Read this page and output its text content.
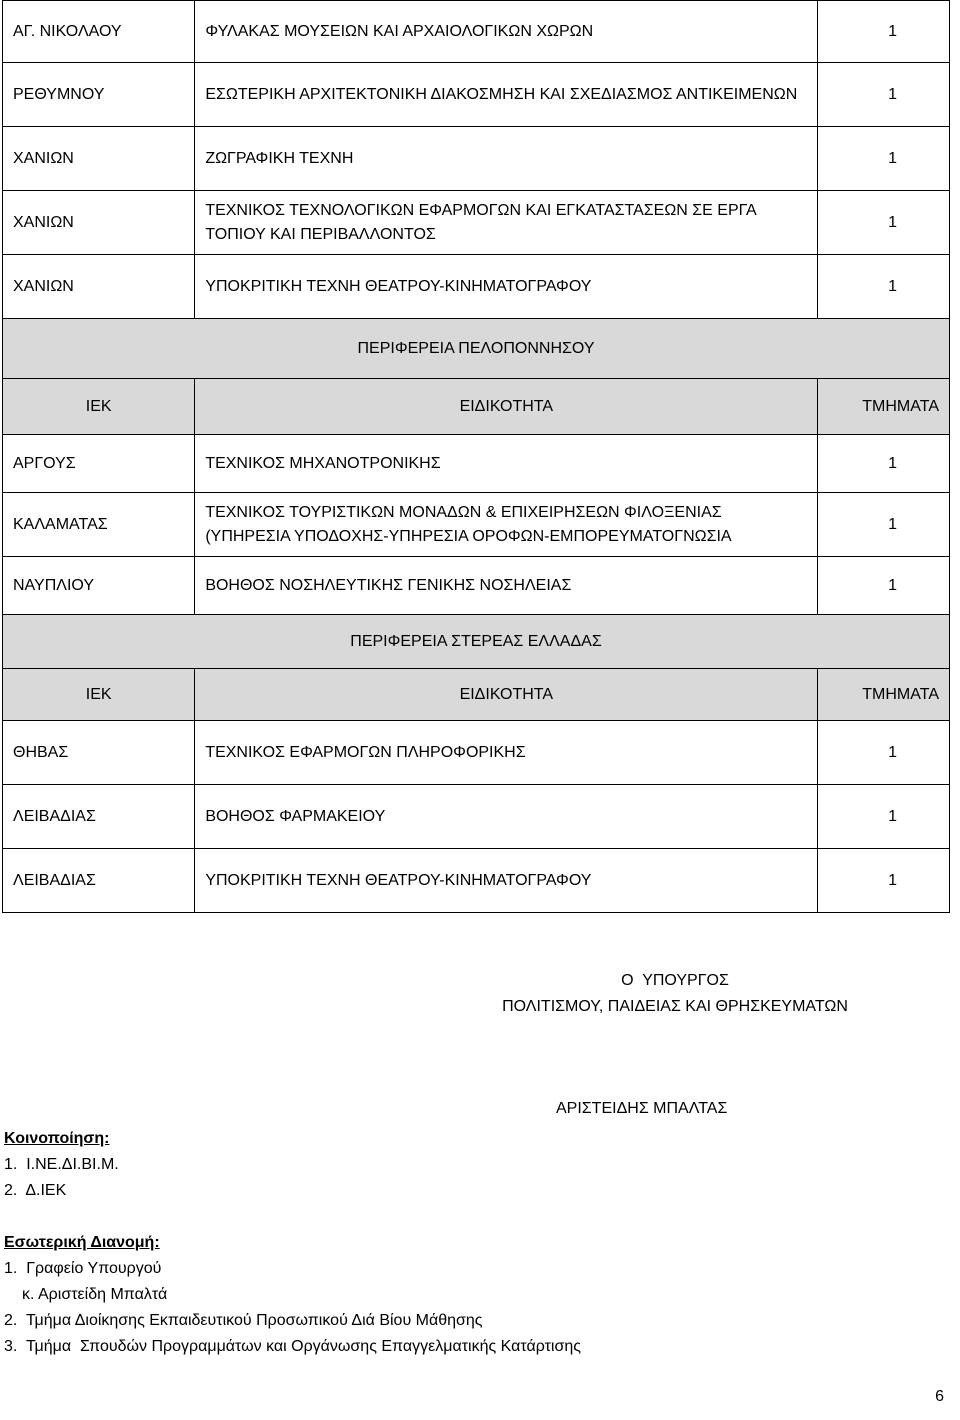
ΑΓ. ΝΙΚΟΛΑΟΥ	ΦΥΛΑΚΑΣ ΜΟΥΣΕΙΩΝ ΚΑΙ ΑΡΧΑΙΟΛΟΓΙΚΩΝ ΧΩΡΩΝ	1
ΡΕΘΥΜΝΟΥ	ΕΣΩΤΕΡΙΚΗ ΑΡΧΙΤΕΚΤΟΝΙΚΗ ΔΙΑΚΟΣΜΗΣΗ ΚΑΙ ΣΧΕΔΙΑΣΜΟΣ ΑΝΤΙΚΕΙΜΕΝΩΝ	1
ΧΑΝΙΩΝ	ΖΩΓΡΑΦΙΚΗ ΤΕΧΝΗ	1
ΧΑΝΙΩΝ	ΤΕΧΝΙΚΟΣ ΤΕΧΝΟΛΟΓΙΚΩΝ ΕΦΑΡΜΟΓΩΝ ΚΑΙ ΕΓΚΑΤΑΣΤΑΣΕΩΝ ΣΕ ΕΡΓΑ ΤΟΠΙΟΥ ΚΑΙ ΠΕΡΙΒΑΛΛΟΝΤΟΣ	1
ΧΑΝΙΩΝ	ΥΠΟΚΡΙΤΙΚΗ ΤΕΧΝΗ ΘΕΑΤΡΟΥ-ΚΙΝΗΜΑΤΟΓΡΑΦΟΥ	1
ΠΕΡΙΦΕΡΕΙΑ ΠΕΛΟΠΟΝΝΗΣΟΥ		
ΙΕΚ	ΕΙΔΙΚΟΤΗΤΑ	ΤΜΗΜΑΤΑ
ΑΡΓΟΥΣ	ΤΕΧΝΙΚΟΣ ΜΗΧΑΝΟΤΡΟΝΙΚΗΣ	1
ΚΑΛΑΜΑΤΑΣ	ΤΕΧΝΙΚΟΣ ΤΟΥΡΙΣΤΙΚΩΝ ΜΟΝΑΔΩΝ & ΕΠΙΧΕΙΡΗΣΕΩΝ ΦΙΛΟΞΕΝΙΑΣ (ΥΠΗΡΕΣΙΑ ΥΠΟΔΟΧΗΣ-ΥΠΗΡΕΣΙΑ ΟΡΟΦΩΝ-ΕΜΠΟΡΕΥΜΑΤΟΓΝΩΣΙΑ	1
ΝΑΥΠΛΙΟΥ	ΒΟΗΘΟΣ ΝΟΣΗΛΕΥΤΙΚΗΣ ΓΕΝΙΚΗΣ ΝΟΣΗΛΕΙΑΣ	1
ΠΕΡΙΦΕΡΕΙΑ ΣΤΕΡΕΑΣ ΕΛΛΑΔΑΣ		
ΙΕΚ	ΕΙΔΙΚΟΤΗΤΑ	ΤΜΗΜΑΤΑ
ΘΗΒΑΣ	ΤΕΧΝΙΚΟΣ ΕΦΑΡΜΟΓΩΝ ΠΛΗΡΟΦΟΡΙΚΗΣ	1
ΛΕΙΒΑΔΙΑΣ	ΒΟΗΘΟΣ ΦΑΡΜΑΚΕΙΟΥ	1
ΛΕΙΒΑΔΙΑΣ	ΥΠΟΚΡΙΤΙΚΗ ΤΕΧΝΗ ΘΕΑΤΡΟΥ-ΚΙΝΗΜΑΤΟΓΡΑΦΟΥ	1
Ο  ΥΠΟΥΡΓΟΣ
ΠΟΛΙΤΙΣΜΟΥ, ΠΑΙΔΕΙΑΣ ΚΑΙ ΘΡΗΣΚΕΥΜΑΤΩΝ
ΑΡΙΣΤΕΙΔΗΣ ΜΠΑΛΤΑΣ
Κοινοποίηση:
1.  Ι.ΝΕ.ΔΙ.ΒΙ.Μ.
2.  Δ.ΙΕΚ
Εσωτερική Διανομή:
1.  Γραφείο Υπουργού
κ. Αριστείδη Μπαλτά
2.  Τμήμα Διοίκησης Εκπαιδευτικού Προσωπικού Διά Βίου Μάθησης
3.  Τμήμα  Σπουδών Προγραμμάτων και Οργάνωσης Επαγγελματικής Κατάρτισης
6
